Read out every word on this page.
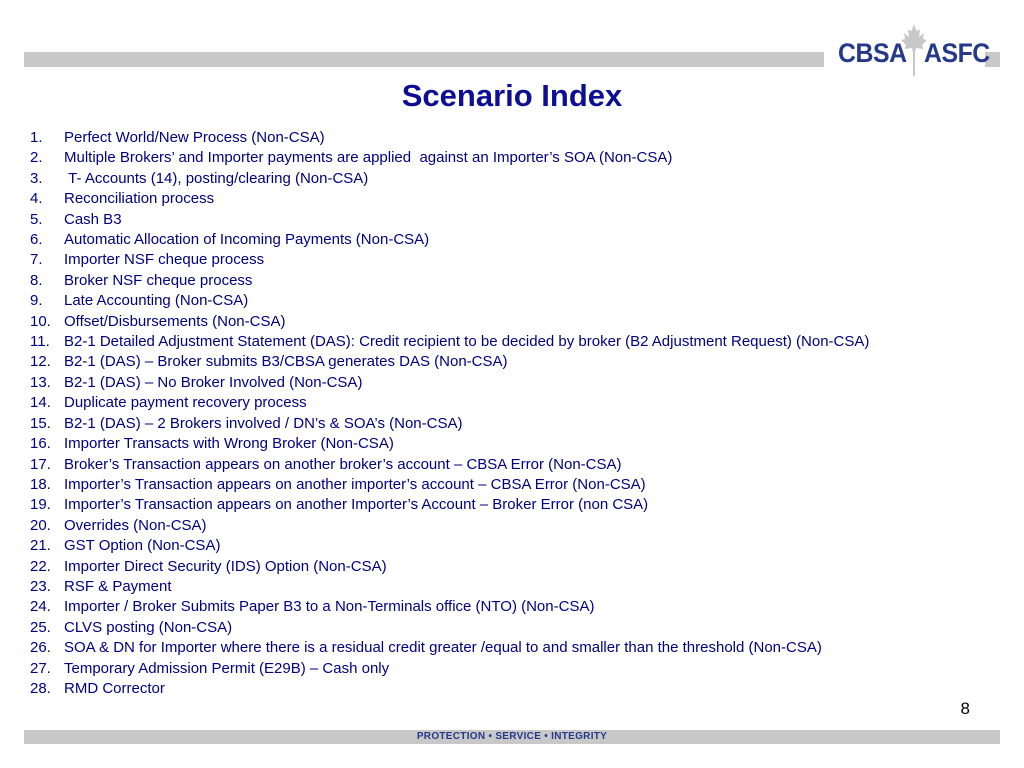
CBSA ASFC
Scenario Index
1.	Perfect World/New Process (Non-CSA)
2.	Multiple Brokers’ and Importer payments are applied  against an Importer’s SOA (Non-CSA)
3.	T- Accounts (14), posting/clearing (Non-CSA)
4.	Reconciliation process
5.	Cash B3
6.	Automatic Allocation of Incoming Payments (Non-CSA)
7.	Importer NSF cheque process
8.	Broker NSF cheque process
9.	Late Accounting (Non-CSA)
10. Offset/Disbursements (Non-CSA)
11. B2-1 Detailed Adjustment Statement (DAS): Credit recipient to be decided by broker (B2 Adjustment Request) (Non-CSA)
12. B2-1 (DAS) – Broker submits B3/CBSA generates DAS (Non-CSA)
13. B2-1 (DAS) – No Broker Involved (Non-CSA)
14. Duplicate payment recovery process
15. B2-1 (DAS) – 2 Brokers involved / DN’s & SOA’s (Non-CSA)
16. Importer Transacts with Wrong Broker (Non-CSA)
17. Broker’s Transaction appears on another broker’s account – CBSA Error (Non-CSA)
18. Importer’s Transaction appears on another importer’s account – CBSA Error (Non-CSA)
19. Importer’s Transaction appears on another Importer’s Account – Broker Error (non CSA)
20. Overrides (Non-CSA)
21. GST Option (Non-CSA)
22. Importer Direct Security (IDS) Option (Non-CSA)
23. RSF & Payment
24. Importer / Broker Submits Paper B3 to a Non-Terminals office (NTO) (Non-CSA)
25. CLVS posting (Non-CSA)
26. SOA & DN for Importer where there is a residual credit greater /equal to and smaller than the threshold (Non-CSA)
27. Temporary Admission Permit (E29B) – Cash only
28. RMD Corrector
8
PROTECTION • SERVICE • INTEGRITY
